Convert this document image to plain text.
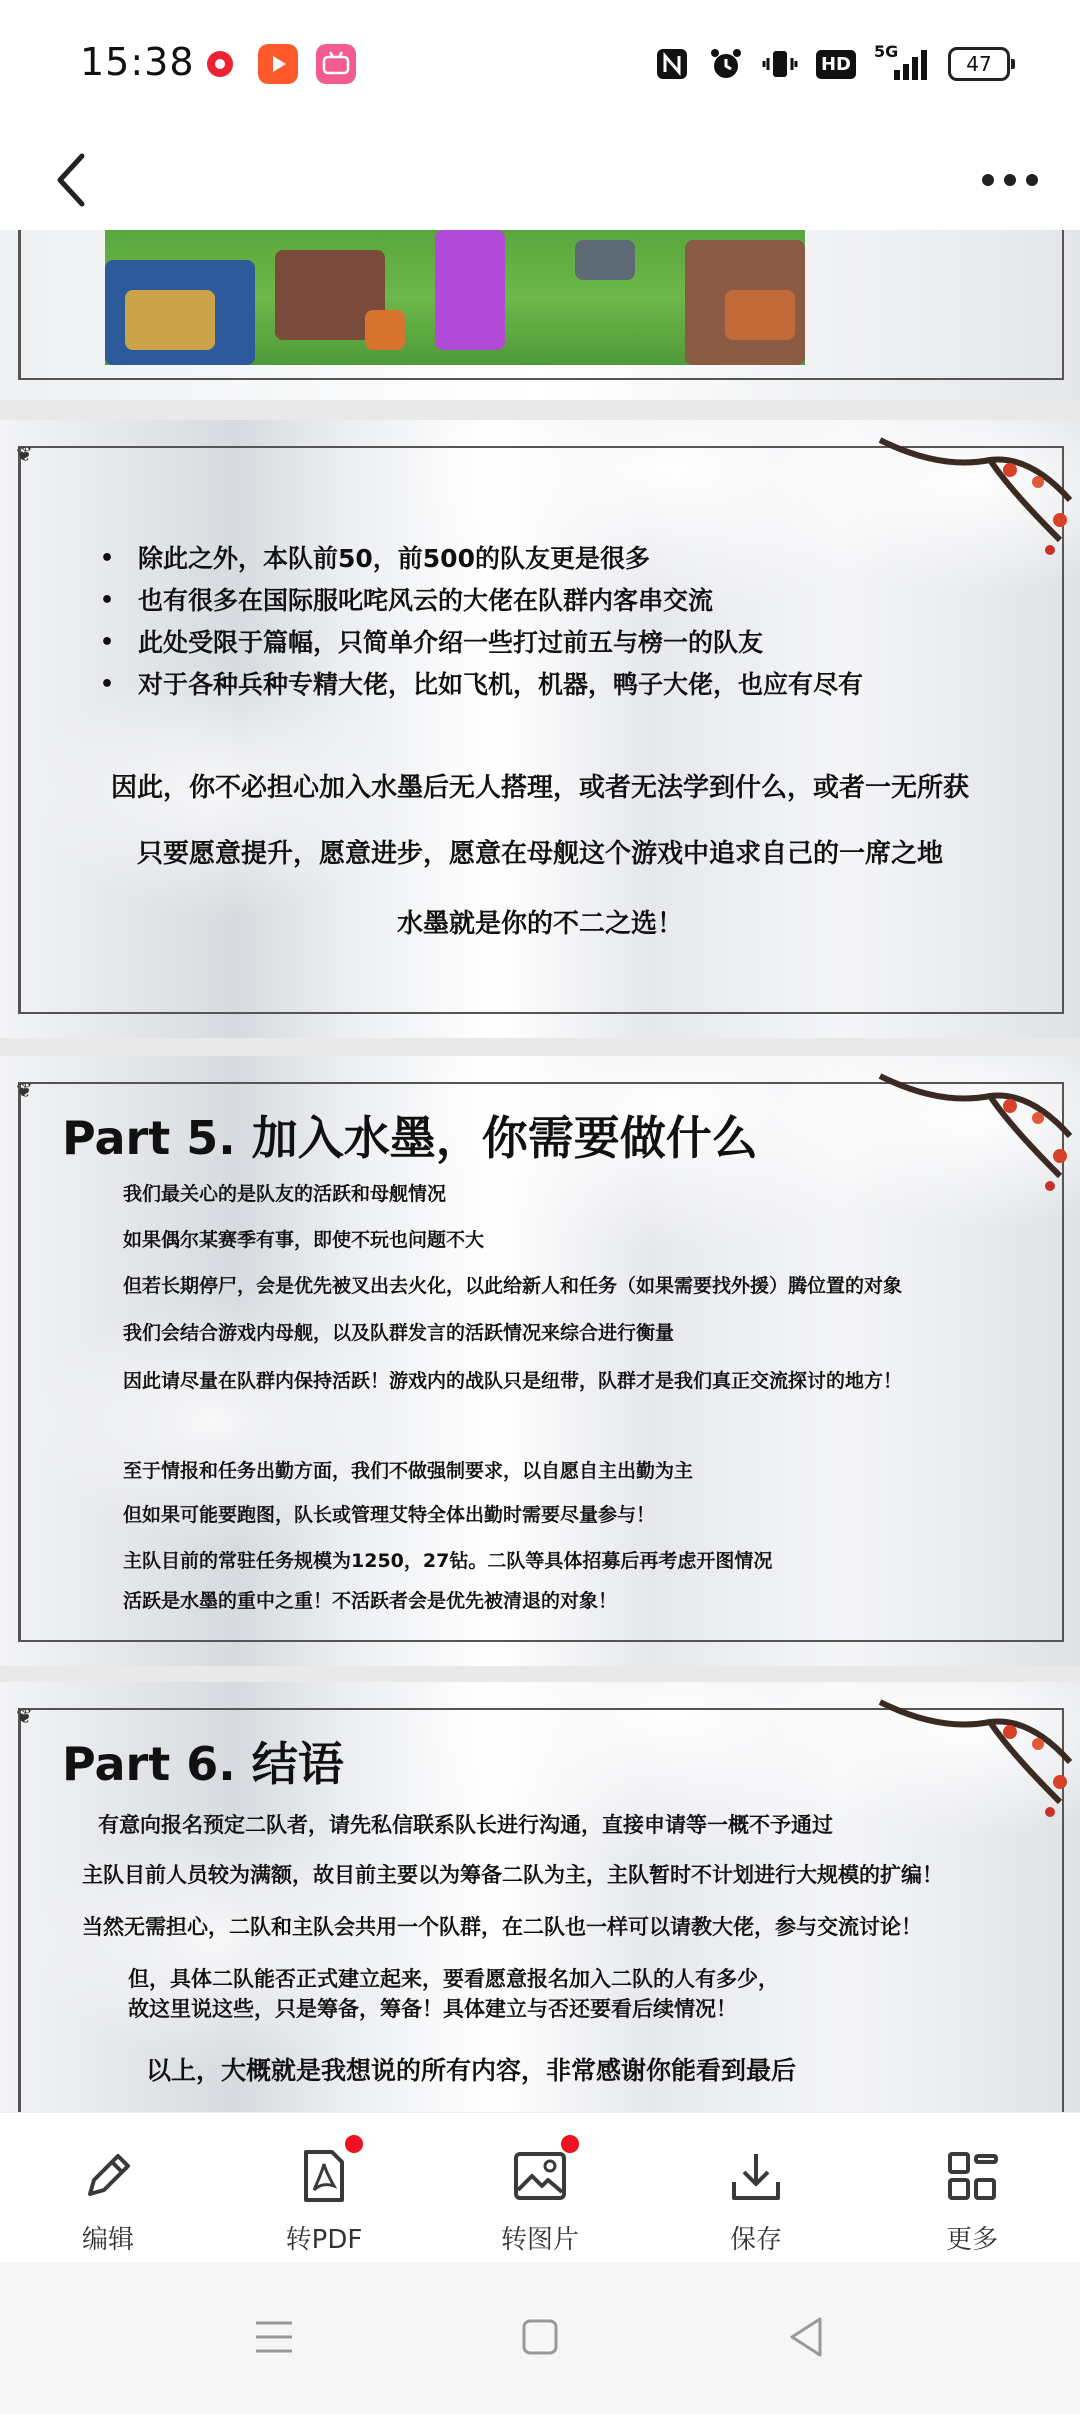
15:38	HD
5G
47
❦
• 除此之外，本队前50，前500的队友更是很多
• 也有很多在国际服叱咤风云的大佬在队群内客串交流
• 此处受限于篇幅，只简单介绍一些打过前五与榜一的队友
• 对于各种兵种专精大佬，比如飞机，机器，鸭子大佬，也应有尽有
因此，你不必担心加入水墨后无人搭理，或者无法学到什么，或者一无所获
只要愿意提升，愿意进步，愿意在母舰这个游戏中追求自己的一席之地
水墨就是你的不二之选！
❦
Part 5. 加入水墨，你需要做什么
我们最关心的是队友的活跃和母舰情况
如果偶尔某赛季有事，即使不玩也问题不大
但若长期停尸，会是优先被叉出去火化，以此给新人和任务（如果需要找外援）腾位置的对象
我们会结合游戏内母舰，以及队群发言的活跃情况来综合进行衡量
因此请尽量在队群内保持活跃！游戏内的战队只是纽带，队群才是我们真正交流探讨的地方！
至于情报和任务出勤方面，我们不做强制要求，以自愿自主出勤为主
但如果可能要跑图，队长或管理艾特全体出勤时需要尽量参与！
主队目前的常驻任务规模为1250，27钻。二队等具体招募后再考虑开图情况
活跃是水墨的重中之重！不活跃者会是优先被清退的对象！
❦
Part 6. 结语
有意向报名预定二队者，请先私信联系队长进行沟通，直接申请等一概不予通过
主队目前人员较为满额，故目前主要以为筹备二队为主，主队暂时不计划进行大规模的扩编！
当然无需担心，二队和主队会共用一个队群，在二队也一样可以请教大佬，参与交流讨论！
但，具体二队能否正式建立起来，要看愿意报名加入二队的人有多少，
故这里说这些，只是筹备，筹备！具体建立与否还要看后续情况！
以上，大概就是我想说的所有内容，非常感谢你能看到最后
编辑	转PDF	转图片	保存	更多
